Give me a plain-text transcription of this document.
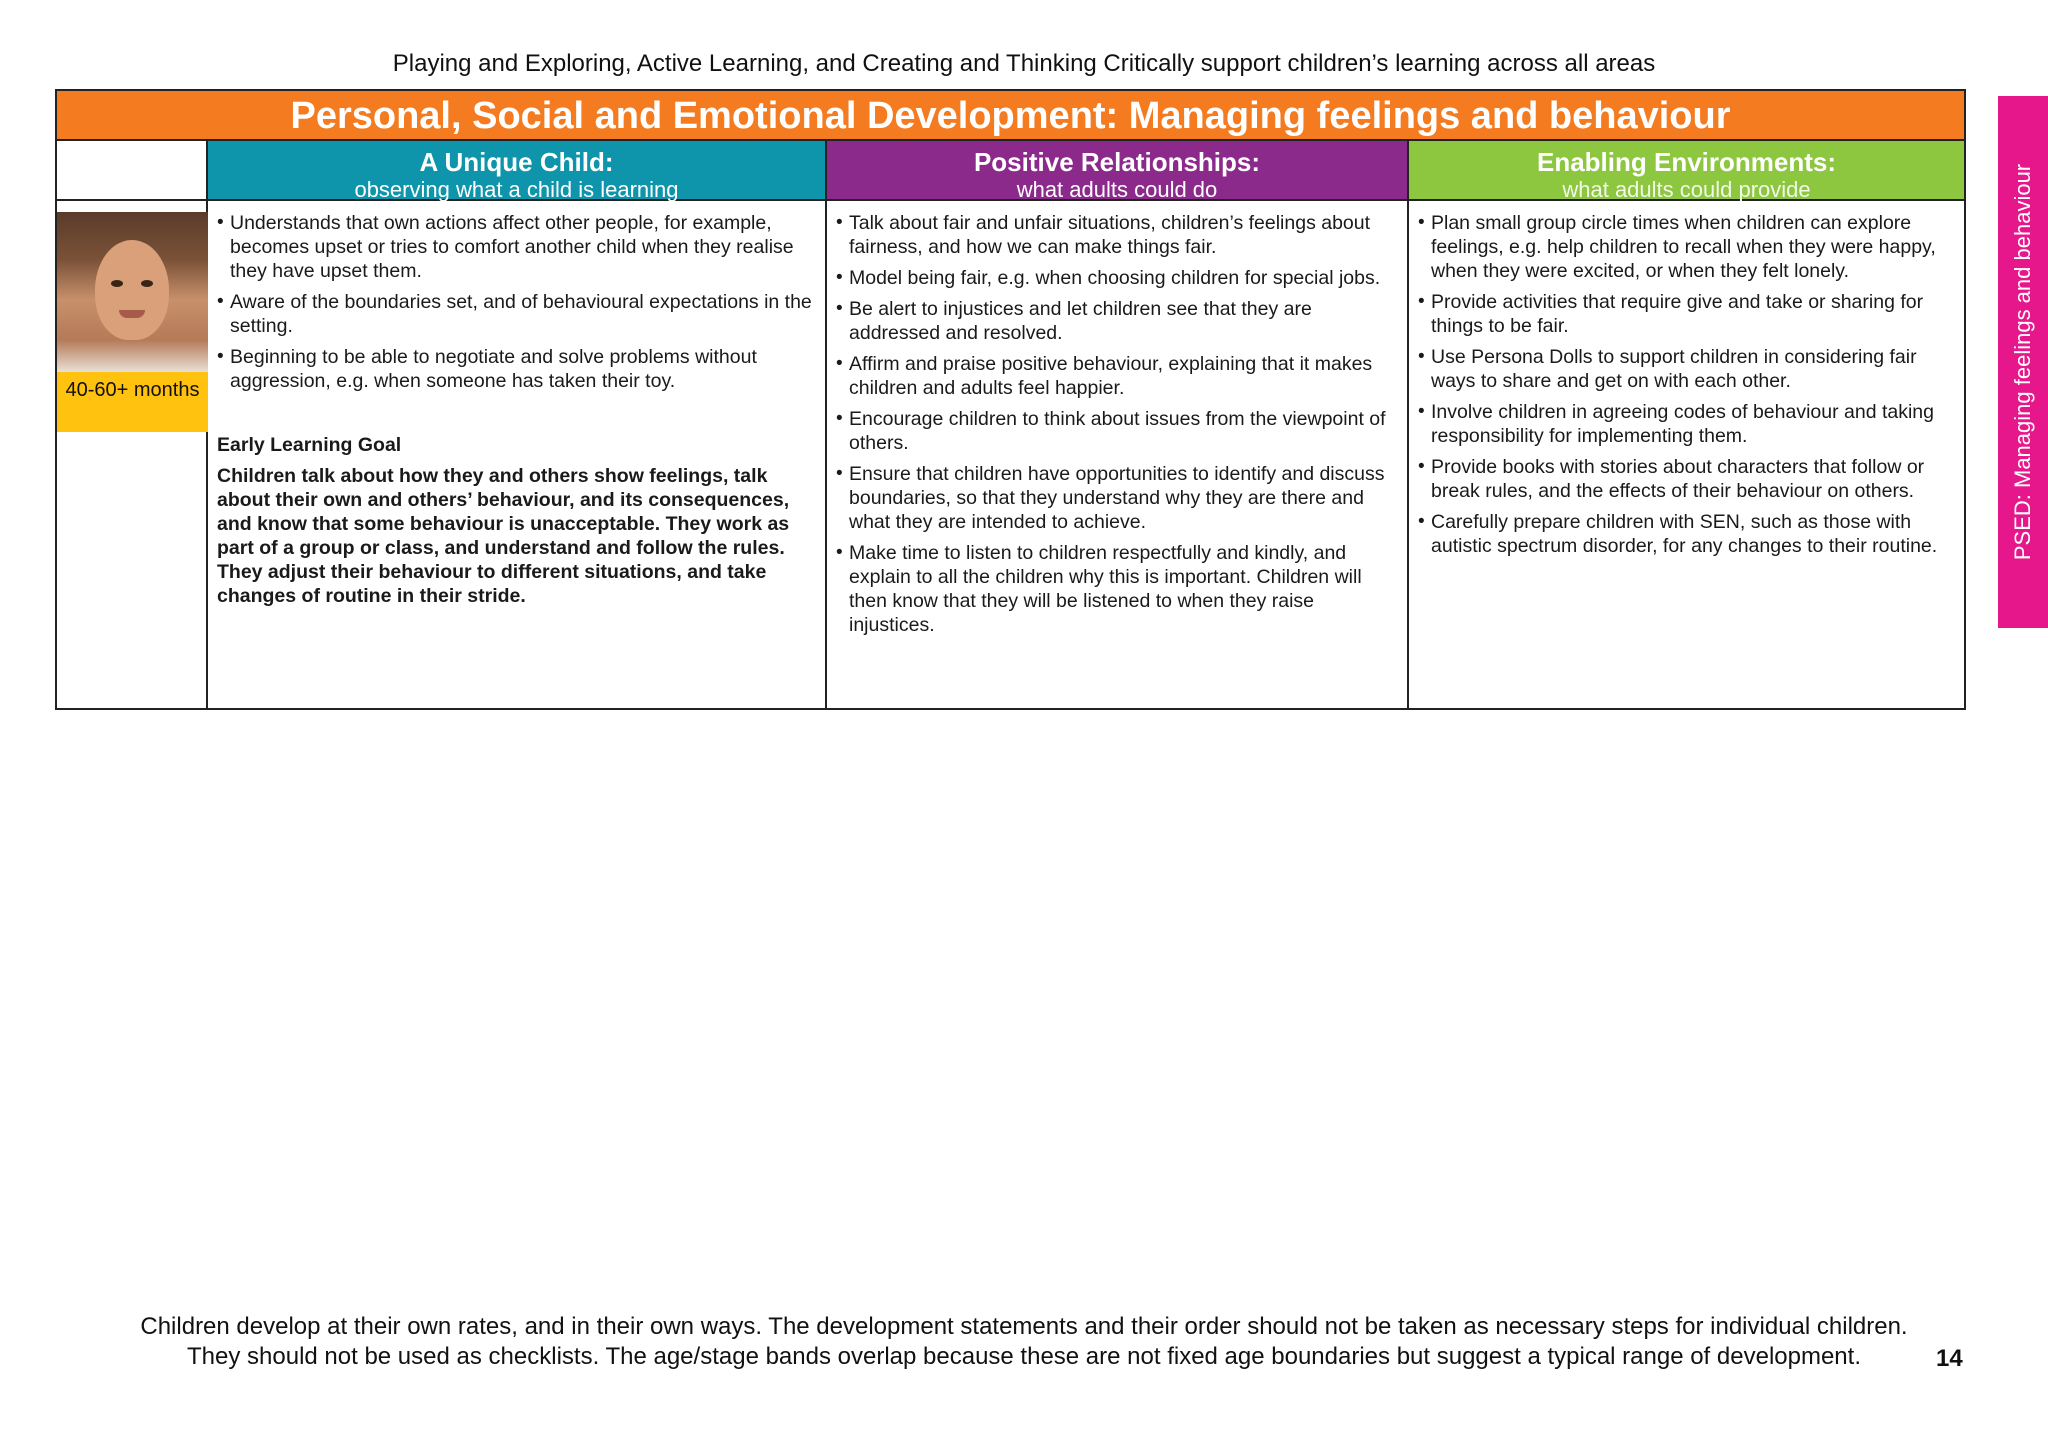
Playing and Exploring, Active Learning, and Creating and Thinking Critically support children’s learning across all areas
PSED: Managing feelings and behaviour
Personal, Social and Emotional Development: Managing feelings and behaviour
A Unique Child:
observing what a child is learning
Positive Relationships:
what adults could do
Enabling Environments:
what adults could provide
40-60+ months
• Understands that own actions affect other people, for example, becomes upset or tries to comfort another child when they realise they have upset them.
• Aware of the boundaries set, and of behavioural expectations in the setting.
• Beginning to be able to negotiate and solve problems without aggression, e.g. when someone has taken their toy.
Early Learning Goal
Children talk about how they and others show feelings, talk about their own and others’ behaviour, and its consequences, and know that some behaviour is unacceptable. They work as part of a group or class, and understand and follow the rules. They adjust their behaviour to different situations, and take changes of routine in their stride.
• Talk about fair and unfair situations, children’s feelings about fairness, and how we can make things fair.
• Model being fair, e.g. when choosing children for special jobs.
• Be alert to injustices and let children see that they are addressed and resolved.
• Affirm and praise positive behaviour, explaining that it makes children and adults feel happier.
• Encourage children to think about issues from the viewpoint of others.
• Ensure that children have opportunities to identify and discuss boundaries, so that they understand why they are there and what they are intended to achieve.
• Make time to listen to children respectfully and kindly, and explain to all the children why this is important. Children will then know that they will be listened to when they raise injustices.
• Plan small group circle times when children can explore feelings, e.g. help children to recall when they were happy, when they were excited, or when they felt lonely.
• Provide activities that require give and take or sharing for things to be fair.
• Use Persona Dolls to support children in considering fair ways to share and get on with each other.
• Involve children in agreeing codes of behaviour and taking responsibility for implementing them.
• Provide books with stories about characters that follow or break rules, and the effects of their behaviour on others.
• Carefully prepare children with SEN, such as those with autistic spectrum disorder, for any changes to their routine.
Children develop at their own rates, and in their own ways. The development statements and their order should not be taken as necessary steps for individual children.
They should not be used as checklists. The age/stage bands overlap because these are not fixed age boundaries but suggest a typical range of development.	14
